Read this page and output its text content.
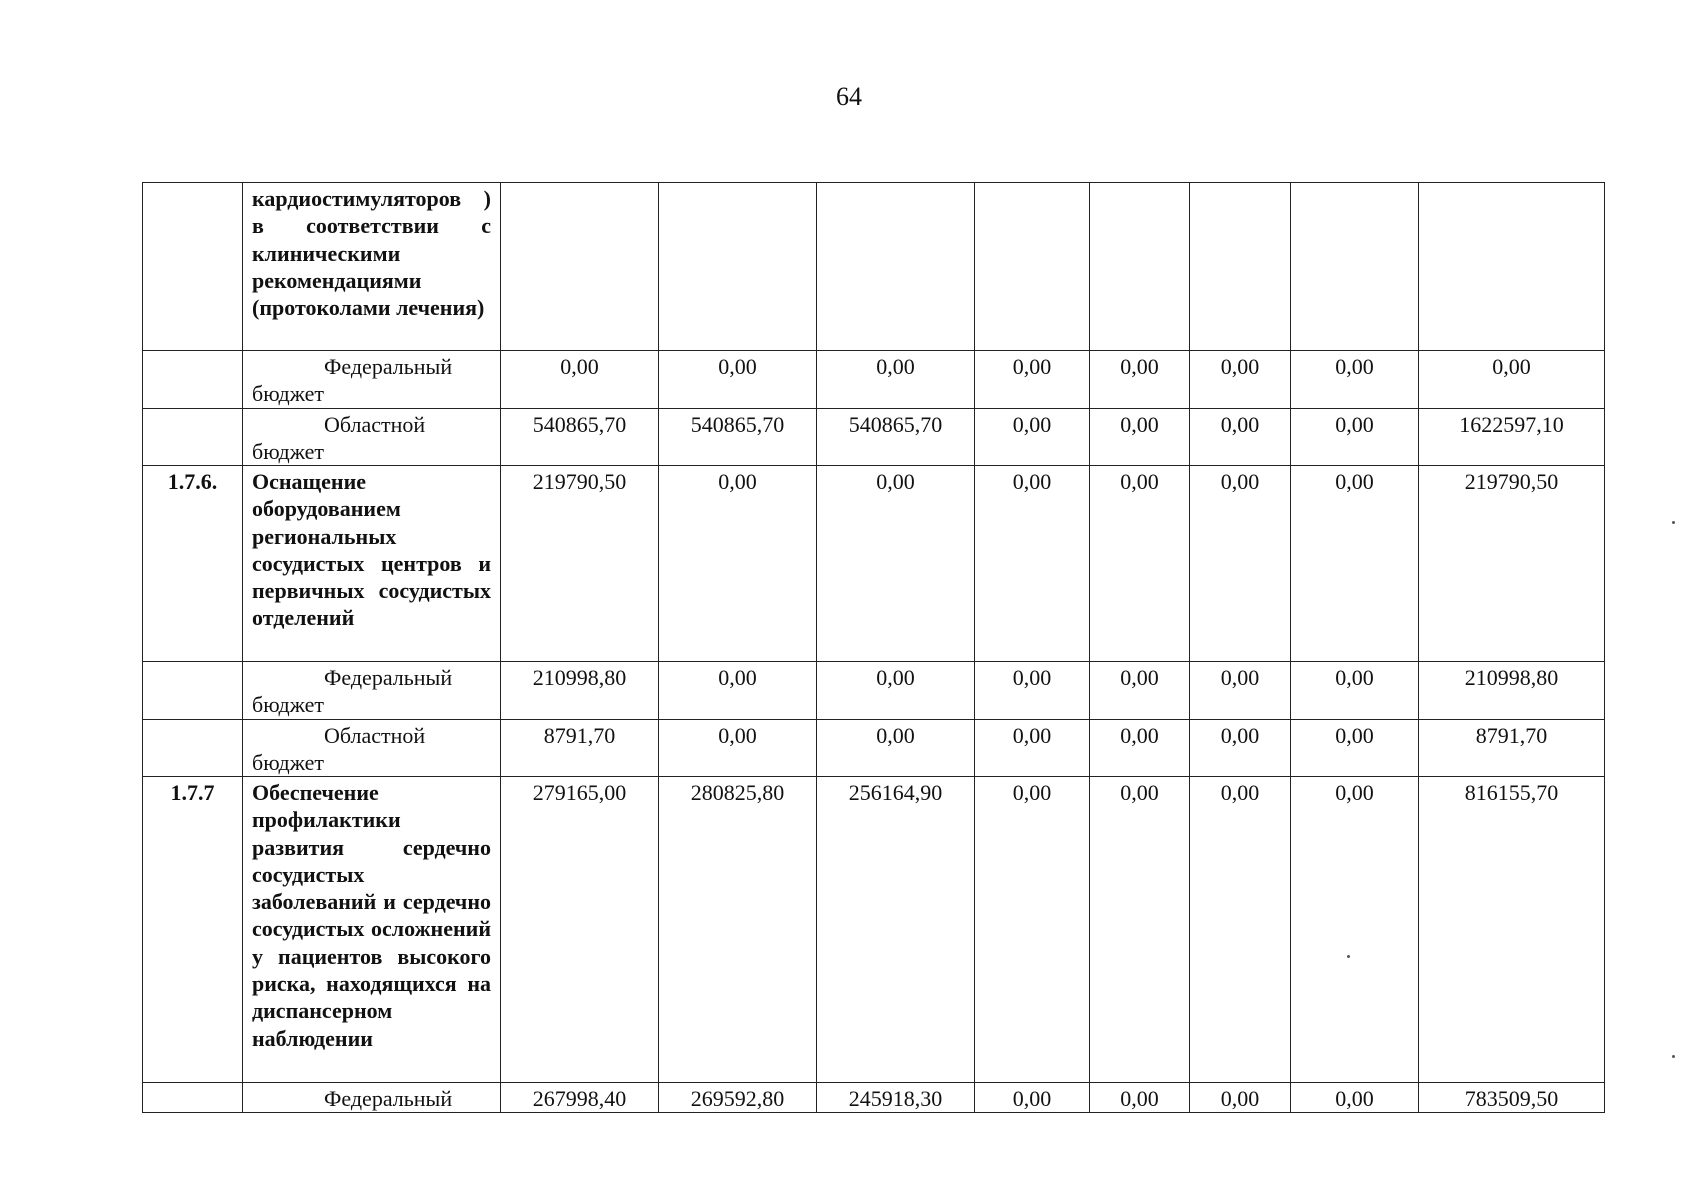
64
	кардиостимуляторов ) в соответствии с клиническими рекомендациями (протоколами лечения)								
	Федеральный бюджет	0,00	0,00	0,00	0,00	0,00	0,00	0,00	0,00
	Областной бюджет	540865,70	540865,70	540865,70	0,00	0,00	0,00	0,00	1622597,10
1.7.6.	Оснащение оборудованием региональных сосудистых центров и первичных сосудистых отделений	219790,50	0,00	0,00	0,00	0,00	0,00	0,00	219790,50
	Федеральный бюджет	210998,80	0,00	0,00	0,00	0,00	0,00	0,00	210998,80
	Областной бюджет	8791,70	0,00	0,00	0,00	0,00	0,00	0,00	8791,70
1.7.7	Обеспечение профилактики развития сердечно сосудистых заболеваний и сердечно сосудистых осложнений у пациентов высокого риска, находящихся на диспансерном наблюдении	279165,00	280825,80	256164,90	0,00	0,00	0,00	0,00	816155,70
	Федеральный	267998,40	269592,80	245918,30	0,00	0,00	0,00	0,00	783509,50
